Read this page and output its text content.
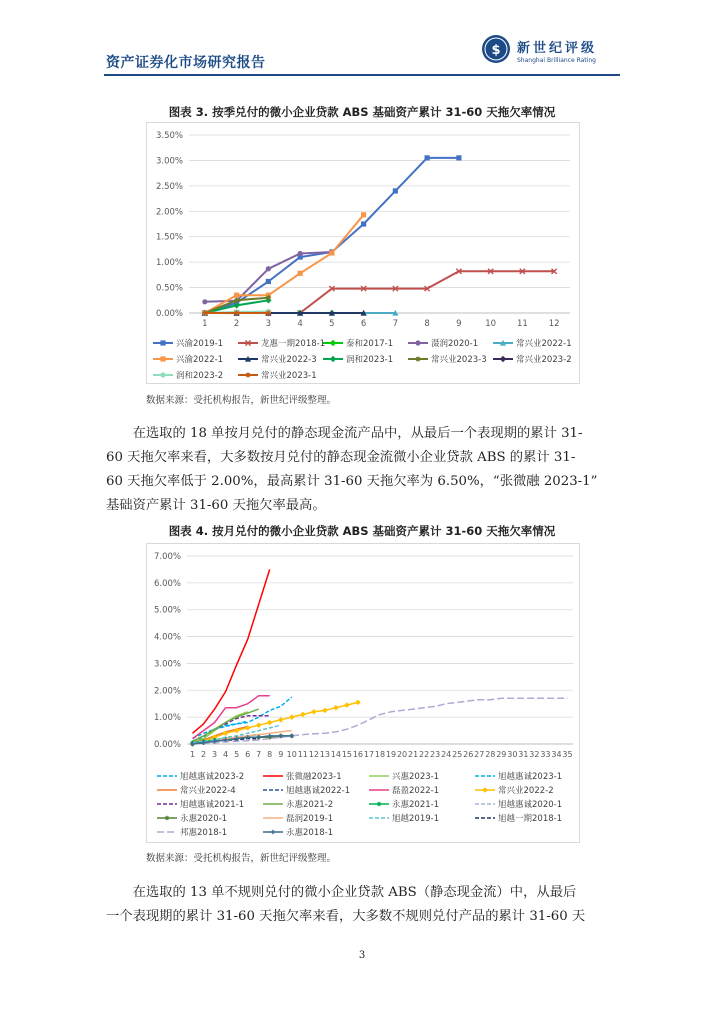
资产证券化市场研究报告
$ 新世纪评级
Shanghai Brilliance Rating
图表 3. 按季兑付的微小企业贷款 ABS 基础资产累计 31-60 天拖欠率情况
0.00%
0.50%
1.00%
1.50%
2.00%
2.50%
3.00%
3.50%
1	2	3	4	5	6	7	8	9	10 11 12
兴渝2019-1	龙惠一期2018-1 泰和2017-1	滠润2020-1	常兴业2022-1
兴渝2022-1	常兴业2022-3	润和2023-1	常兴业2023-3	常兴业2023-2
润和2023-2	常兴业2023-1
数据来源：受托机构报告，新世纪评级整理。
在选取的 18 单按月兑付的静态现金流产品中，从最后一个表现期的累计 31-
60 天拖欠率来看，大多数按月兑付的静态现金流微小企业贷款 ABS 的累计 31-
60 天拖欠率低于 2.00%，最高累计 31-60 天拖欠率为 6.50%，“张微融 2023-1”
基础资产累计 31-60 天拖欠率最高。
图表 4. 按月兑付的微小企业贷款 ABS 基础资产累计 31-60 天拖欠率情况
0.00%
1.00%
2.00%
3.00%
4.00%
5.00%
6.00%
7.00%
1 2 3 4 5 6 7 8 9 10 11 12 13 14 15 16 17 18 19 20 21 22 23 24 25 26 27 28 29 30 31 32 33 34 35
旭越惠诚2023-2	张微融2023-1	兴惠2023-1	旭越惠诚2023-1
常兴业2022-4	旭越惠诚2022-1	磊盈2022-1	常兴业2022-2
旭越惠诚2021-1	永惠2021-2	永惠2021-1	旭越惠诚2020-1
永惠2020-1	磊润2019-1	旭越2019-1	旭越一期2018-1
邦惠2018-1	永惠2018-1
数据来源：受托机构报告，新世纪评级整理。
在选取的 13 单不规则兑付的微小企业贷款 ABS（静态现金流）中，从最后
一个表现期的累计 31-60 天拖欠率来看，大多数不规则兑付产品的累计 31-60 天
3
